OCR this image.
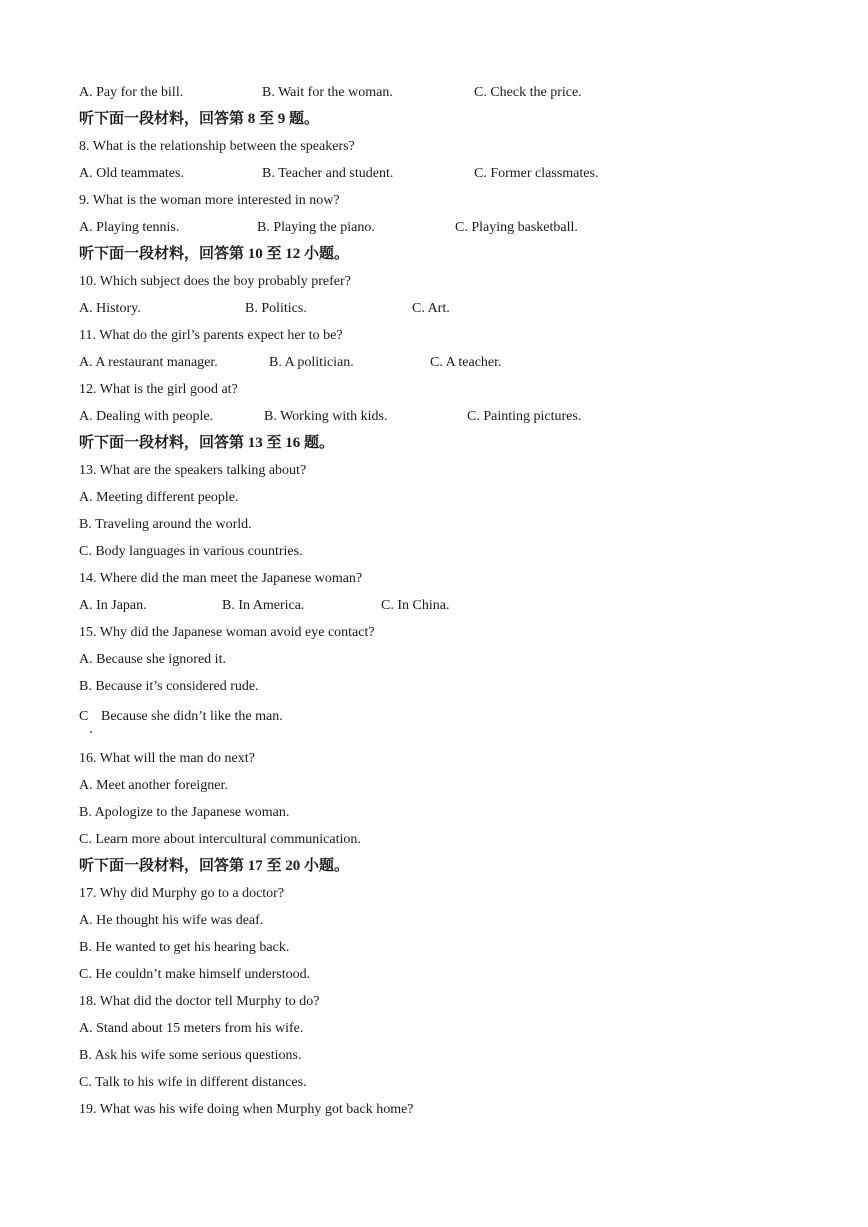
A. Pay for the bill.	B. Wait for the woman.	C. Check the price.
听下面一段材料，回答第 8 至 9 题。
8. What is the relationship between the speakers?
A. Old teammates.	B. Teacher and student.	C. Former classmates.
9. What is the woman more interested in now?
A. Playing tennis.	B. Playing the piano.	C. Playing basketball.
听下面一段材料，回答第 10 至 12 小题。
10. Which subject does the boy probably prefer?
A. History.	B. Politics.	C. Art.
11. What do the girl’s parents expect her to be?
A. A restaurant manager.	B. A politician.	C. A teacher.
12. What is the girl good at?
A. Dealing with people.	B. Working with kids.	C. Painting pictures.
听下面一段材料，回答第 13 至 16 题。
13. What are the speakers talking about?
A. Meeting different people.
B. Traveling around the world.
C. Body languages in various countries.
14. Where did the man meet the Japanese woman?
A. In Japan.	B. In America.	C. In China.
15. Why did the Japanese woman avoid eye contact?
A. Because she ignored it.
B. Because it’s considered rude.
C Because she didn’t like the man.
16. What will the man do next?
A. Meet another foreigner.
B. Apologize to the Japanese woman.
C. Learn more about intercultural communication.
听下面一段材料，回答第 17 至 20 小题。
17. Why did Murphy go to a doctor?
A. He thought his wife was deaf.
B. He wanted to get his hearing back.
C. He couldn’t make himself understood.
18. What did the doctor tell Murphy to do?
A. Stand about 15 meters from his wife.
B. Ask his wife some serious questions.
C. Talk to his wife in different distances.
19. What was his wife doing when Murphy got back home?
